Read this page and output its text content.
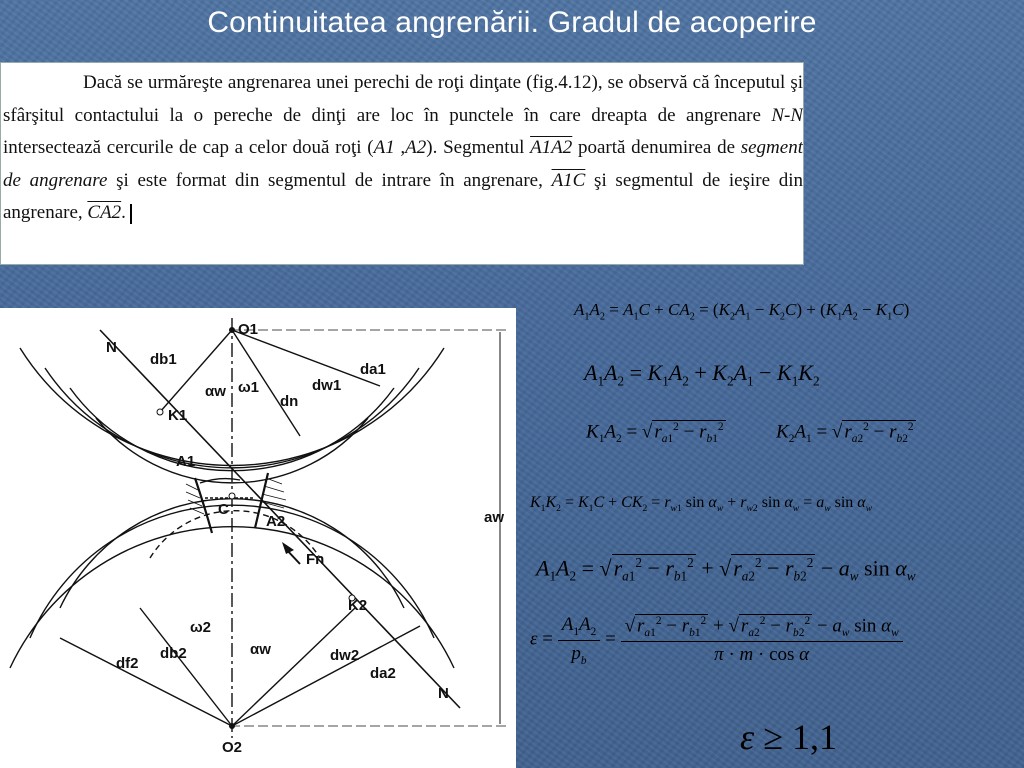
Continuitatea angrenării. Gradul de acoperire

Dacă se urmăreşte angrenarea unei perechi de roţi dinţate (fig.4.12), se observă că începutul şi sfârşitul contactului la o pereche de dinţi are loc în punctele în care dreapta de angrenare N-N intersectează cercurile de cap a celor două roţi (A1 ,A2). Segmentul A1A2 poartă denumirea de segment de angrenare şi este format din segmentul de intrare în angrenare, A1C şi segmentul de ieşire din angrenare, CA2.

O1
O2
N
N
db1
da1
dw1
dn
αw ω1
K1
A1
C
A2
Fn
aw
K2
ω2
αw	dw2
da2
df2
db2
$A_1A_2 = A_1C + CA_2 = (K_2A_1 - K_2C) + (K_1A_2 - K_1C)$
$A_1A_2 = K_1A_2 + K_2A_1 - K_1K_2$
$K_1A_2$ = √ $r_{a1}^2 - r_{b1}^2$	$K_2A_1$ = √ $r_{a2}^2 - r_{b2}^2$
$K_1K_2 = K_1C + CK_2 = r_{w1}$ $\sin \alpha_w + r_{w2}$ $\sin \alpha_w = a_w$ $\sin \alpha_w$
$A_1A_2 = √r_{a1}^2 - r_{b1}^2 + √r_{a2}^2 - r_{b2}^2 - a_w$ $\sin \alpha_w$
$\varepsilon = \frac{A_1A_2}{p_b} = \frac{√ r_{a1}^2 - r_{b1}^2 + √ r_{a2}^2 - r_{b2}^2 - a_w \sin \alpha_w}{\text{π · m · cos α}}$
ε ≥ 1,1
